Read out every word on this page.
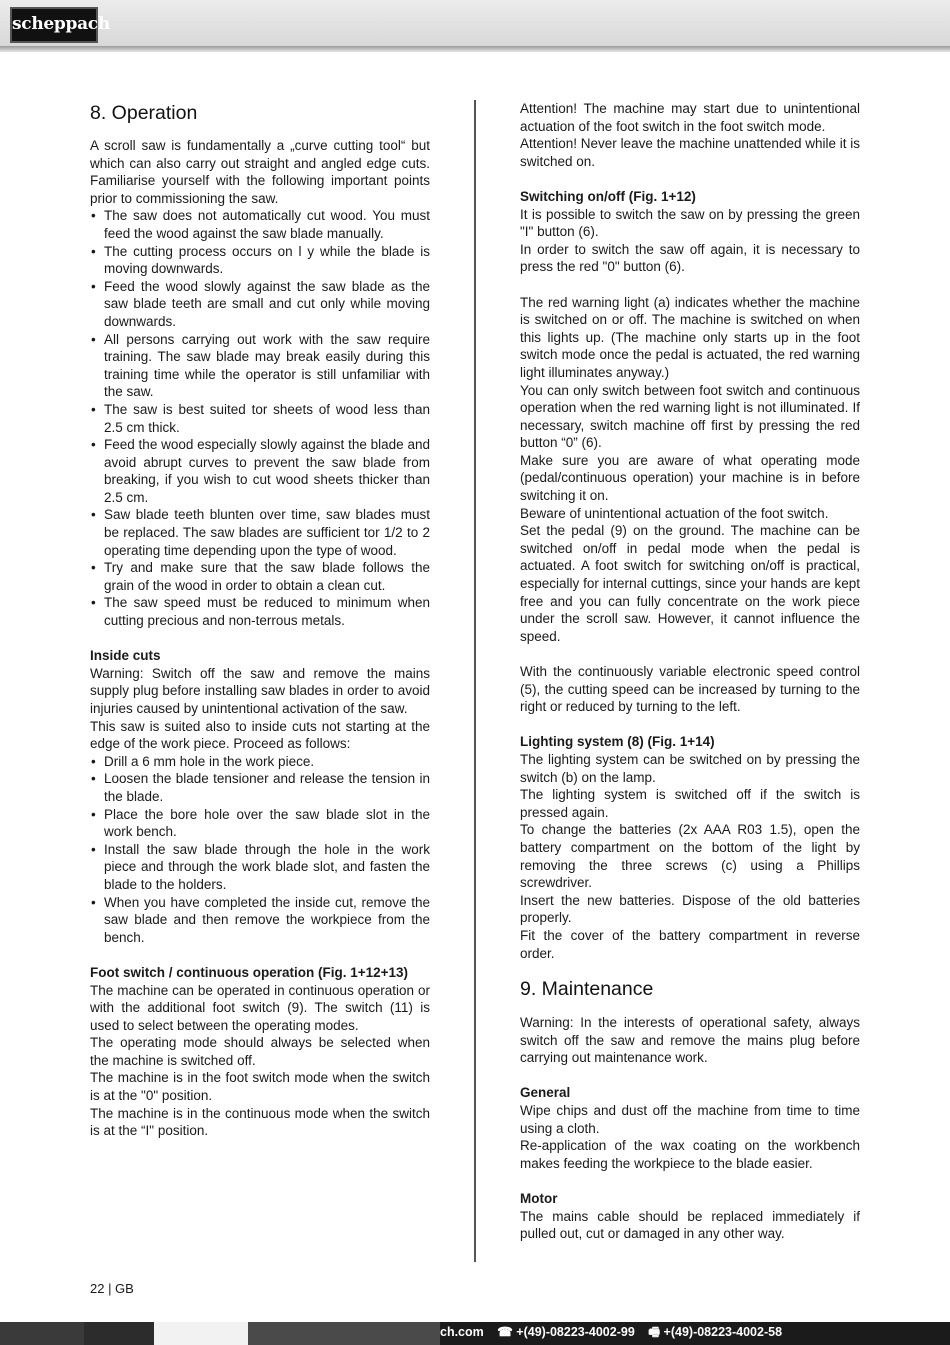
scheppach
8. Operation

A scroll saw is fundamentally a „curve cutting tool“ but which can also carry out straight and angled edge cuts. Familiarise yourself with the following important points prior to commissioning the saw.

• The saw does not automatically cut wood. You must feed the wood against the saw blade manually.
• The cutting process occurs on l y while the blade is moving downwards.
• Feed the wood slowly against the saw blade as the saw blade teeth are small and cut only while moving downwards.
• All persons carrying out work with the saw require training. The saw blade may break easily during this training time while the operator is still unfamiliar with the saw.
• The saw is best suited tor sheets of wood less than 2.5 cm thick.
• Feed the wood especially slowly against the blade and avoid abrupt curves to prevent the saw blade from breaking, if you wish to cut wood sheets thicker than 2.5 cm.
• Saw blade teeth blunten over time, saw blades must be replaced. The saw blades are sufficient tor 1/2 to 2 operating time depending upon the type of wood.
• Try and make sure that the saw blade follows the grain of the wood in order to obtain a clean cut.
• The saw speed must be reduced to minimum when cutting precious and non-terrous metals.

Inside cuts

Warning: Switch off the saw and remove the mains supply plug before installing saw blades in order to avoid injuries caused by unintentional activation of the saw.

This saw is suited also to inside cuts not starting at the edge of the work piece. Proceed as follows:

• Drill a 6 mm hole in the work piece.
• Loosen the blade tensioner and release the tension in the blade.
• Place the bore hole over the saw blade slot in the work bench.
• Install the saw blade through the hole in the work piece and through the work blade slot, and fasten the blade to the holders.
• When you have completed the inside cut, remove the saw blade and then remove the workpiece from the bench.

Foot switch / continuous operation (Fig. 1+12+13)

The machine can be operated in continuous operation or with the additional foot switch (9). The switch (11) is used to select between the operating modes.

The operating mode should always be selected when the machine is switched off.

The machine is in the foot switch mode when the switch is at the "0" position.

The machine is in the continuous mode when the switch is at the “I" position.

Attention! The machine may start due to unintentional actuation of the foot switch in the foot switch mode.

Attention! Never leave the machine unattended while it is switched on.

Switching on/off (Fig. 1+12)

It is possible to switch the saw on by pressing the green "I" button (6).

In order to switch the saw off again, it is necessary to press the red "0" button (6).

The red warning light (a) indicates whether the machine is switched on or off. The machine is switched on when this lights up. (The machine only starts up in the foot switch mode once the pedal is actuated, the red warning light illuminates anyway.)

You can only switch between foot switch and continuous operation when the red warning light is not illuminated. If necessary, switch machine off first by pressing the red button “0” (6).

Make sure you are aware of what operating mode (pedal/continuous operation) your machine is in before switching it on.

Beware of unintentional actuation of the foot switch.

Set the pedal (9) on the ground. The machine can be switched on/off in pedal mode when the pedal is actuated. A foot switch for switching on/off is practical, especially for internal cuttings, since your hands are kept free and you can fully concentrate on the work piece under the scroll saw. However, it cannot influence the speed.

With the continuously variable electronic speed control (5), the cutting speed can be increased by turning to the right or reduced by turning to the left.

Lighting system (8) (Fig. 1+14)

The lighting system can be switched on by pressing the switch (b) on the lamp.

The lighting system is switched off if the switch is pressed again.

To change the batteries (2x AAA R03 1.5), open the battery compartment on the bottom of the light by removing the three screws (c) using a Phillips screwdriver.

Insert the new batteries. Dispose of the old batteries properly.

Fit the cover of the battery compartment in reverse order.

9. Maintenance

Warning: In the interests of operational safety, always switch off the saw and remove the mains plug before carrying out maintenance work.

General

Wipe chips and dust off the machine from time to time using a cloth.

Re-application of the wax coating on the workbench makes feeding the workpiece to the blade easier.

Motor

The mains cable should be replaced immediately if pulled out, cut or damaged in any other way.

22 | GB
ch.com ☎ +(49)-08223-4002-99 🖷 +(49)-08223-4002-58
